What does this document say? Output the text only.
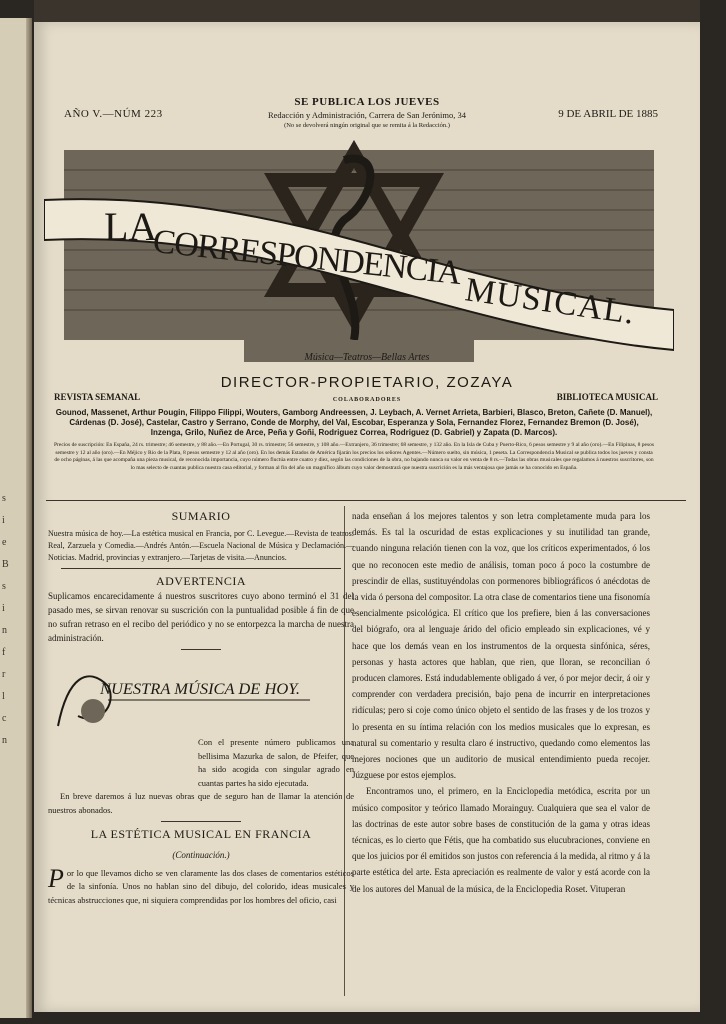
s
i
e
B
s
i
n
f
r
l
c
n
SE PUBLICA LOS JUEVES
AÑO V.—NÚM 223	9 DE ABRIL DE 1885
Redacción y Administración, Carrera de San Jerónimo, 34
(No se devolverá ningún original que se remita á la Redacción.)
LA
CORRESPONDENCIA MUSICAL.
Música—Teatros—Bellas Artes
DIRECTOR-PROPIETARIO, ZOZAYA
REVISTA SEMANAL	BIBLIOTECA MUSICAL
COLABORADORES
Gounod, Massenet, Arthur Pougin, Filippo Filippi, Wouters, Gamborg Andreessen, J. Leybach, A. Vernet Arrieta, Barbieri, Blasco, Breton, Cañete (D. Manuel), Cárdenas (D. José), Castelar, Castro y Serrano, Conde de Morphy, del Val, Escobar, Esperanza y Sola, Fernandez Florez, Fernandez Bremon (D. José), Inzenga, Grilo, Nuñez de Arce, Peña y Goñi, Rodriguez Correa, Rodriguez (D. Gabriel) y Zapata (D. Marcos).
Precios de suscripción: En España, 24 rs. trimestre; 46 semestre, y 88 año.—En Portugal, 30 rs. trimestre; 56 semestre, y 108 año.—Extranjero, 36 trimestre; 68 semestre, y 132 año. En la Isla de Cuba y Puerto-Rico, 6 pesos semestre y 9 al año (oro).—En Filipinas, 8 pesos semestre y 12 al año (oro).—En Méjico y Rio de la Plata, 8 pesos semestre y 12 al año (oro). En los demás Estados de América fijarán los precios los señores Agentes.—Número suelto, sin música, 1 peseta. La Correspondencia Musical se publica todos los jueves y consta de ocho páginas, á las que acompaña una pieza musical, de reconocida importancia, cuyo número fluctúa entre cuatro y diez, según las condiciones de la obra, no bajando nunca su valor en venta de 8 rs.—Todas las obras musicales que regalamos á nuestros suscritores, son lo mas selecto de cuantas publica nuestra casa editorial, y forman al fin del año un magnífico álbum cuyo valor demostrará que nuestra suscrición es la más ventajosa que jamás se ha conocido en España.
SUMARIO

Nuestra música de hoy.—La estética musical en Francia, por C. Levegue.—Revista de teatros: Real, Zarzuela y Comedia.—Andrés Antón.—Escuela Nacional de Música y Declamación.—Noticias. Madrid, provincias y extranjero.—Tarjetas de visita.—Anuncios.

ADVERTENCIA

Suplicamos encarecidamente á nuestros suscritores cuyo abono terminó el 31 del pasado mes, se sirvan renovar su suscrición con la puntualidad posible á fin de que no sufran retraso en el recibo del periódico y no se entorpezca la marcha de nuestra administración.

NUESTRA MÚSICA DE HOY.

Con el presente número publicamos una bellisima Mazurka de salon, de Pfeifer, que ha sido acogida con singular agrado en cuantas partes ha sido ejecutada.

En breve daremos á luz nuevas obras que de seguro han de llamar la atención de nuestros abonados.

LA ESTÉTICA MUSICAL EN FRANCIA
(Continuación.)

Por lo que llevamos dicho se ven claramente las dos clases de comentarios estéticos de la sinfonía. Unos no hablan sino del dibujo, del colorido, ideas musicales y técnicas abstrucciones que, ni siquiera comprendidas por los hombres del oficio, casi

nada enseñan á los mejores talentos y son letra completamente muda para los demás. Es tal la oscuridad de estas explicaciones y su inutilidad tan grande, cuando ninguna relación tienen con la voz, que los críticos experimentados, ó los que no reconocen este medio de análisis, toman poco á poco la costumbre de prescindir de ellas, sustituyéndolas con pormenores bibliográficos ó anécdotas de la vida ó persona del compositor. La otra clase de comentarios tiene una fisonomía esencialmente psicológica. El crítico que los prefiere, bien á las conversaciones del biógrafo, ora al lenguaje árido del oficio empleado sin explicaciones, vé y hace que los demás vean en los instrumentos de la orquesta sinfónica, séres, personas y hasta actores que hablan, que rien, que lloran, se reconcilian ó producen clamores. Está indudablemente obligado á ver, ó por mejor decir, á oir y comprender con verdadera precisión, bajo pena de incurrir en interpretaciones ridículas; pero si coje como único objeto el sentido de las frases y de los trozos y lo presenta en su íntima relación con los medios musicales que lo expresan, es natural su comentario y resulta claro é instructivo, quedando como elementos las mejores nociones que un auditorio de musical entendimiento pueda recojer. Júzguese por estos ejemplos.

Encontramos uno, el primero, en la Enciclopedia metódica, escrita por un músico compositor y teórico llamado Morainguy. Cualquiera que sea el valor de las doctrinas de este autor sobre bases de constitución de la gama y otras ideas técnicas, es lo cierto que Fétis, que ha combatido sus elucubraciones, conviene en que los juicios por él emitidos son justos con referencia á la medida, al ritmo y á la parte estética del arte. Esta apreciación es realmente de valor y está acorde con la de los autores del Manual de la música, de la Enciclopedia Roset. Vituperan
